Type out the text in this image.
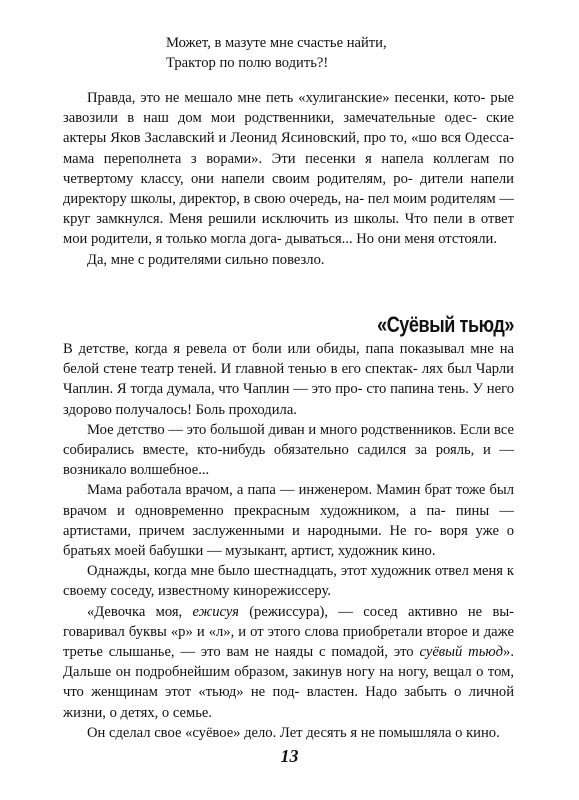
Может, в мазуте мне счастье найти,
Трактор по полю водить?!

Правда, это не мешало мне петь «хулиганские» песенки, кото- рые завозили в наш дом мои родственники, замечательные одес- ские актеры Яков Заславский и Леонид Ясиновский, про то, «шо вся Одесса-мама переполнета з ворами». Эти песенки я напела коллегам по четвертому классу, они напели своим родителям, ро- дители напели директору школы, директор, в свою очередь, на- пел моим родителям — круг замкнулся. Меня решили исключить из школы. Что пели в ответ мои родители, я только могла дога- дываться... Но они меня отстояли.

Да, мне с родителями сильно повезло.

«Суёвый тьюд»

В детстве, когда я ревела от боли или обиды, папа показывал мне на белой стене театр теней. И главной тенью в его спектак- лях был Чарли Чаплин. Я тогда думала, что Чаплин — это про- сто папина тень. У него здорово получалось! Боль проходила.

Мое детство — это большой диван и много родственников. Если все собирались вместе, кто-нибудь обязательно садился за рояль, и — возникало волшебное...

Мама работала врачом, а папа — инженером. Мамин брат тоже был врачом и одновременно прекрасным художником, а па- пины — артистами, причем заслуженными и народными. Не го- воря уже о братьях моей бабушки — музыкант, артист, художник кино.

Однажды, когда мне было шестнадцать, этот художник отвел меня к своему соседу, известному кинорежиссеру.

«Девочка моя, ежисуя (режиссура), — сосед активно не вы- говаривал буквы «р» и «л», и от этого слова приобретали второе и даже третье слышанье, — это вам не наяды с помадой, это суёвый тьюд». Дальше он подробнейшим образом, закинув ногу на ногу, вещал о том, что женщинам этот «тьюд» не под- властен. Надо забыть о личной жизни, о детях, о семье.

Он сделал свое «суёвое» дело. Лет десять я не помышляла о кино.

13
